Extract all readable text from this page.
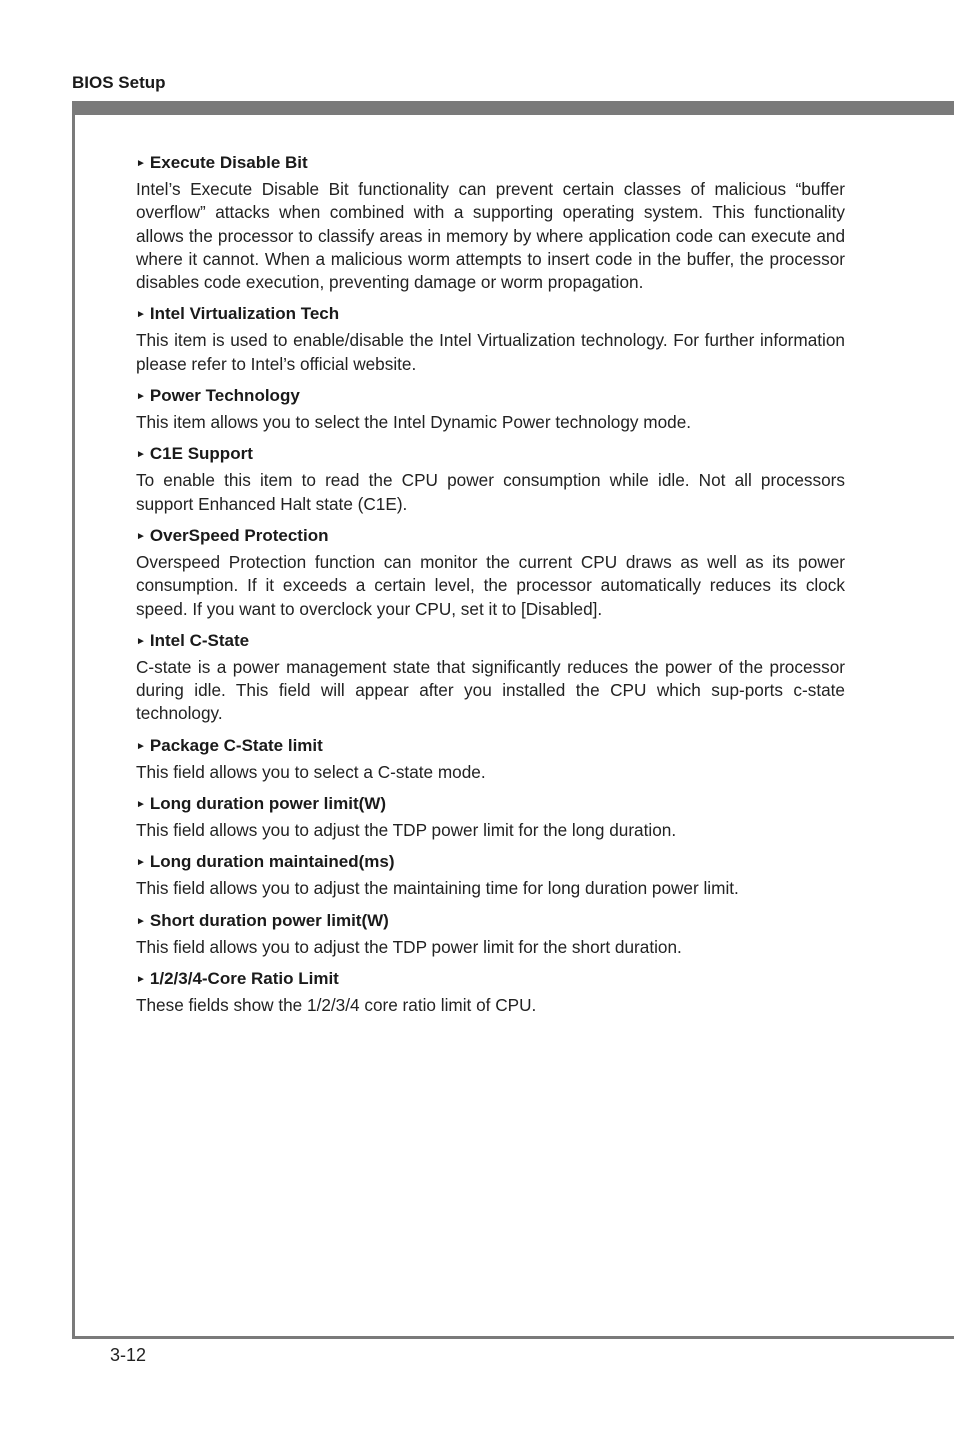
BIOS Setup
► Execute Disable Bit

Intel’s Execute Disable Bit functionality can prevent certain classes of malicious “buffer overflow” attacks when combined with a supporting operating system. This functionality allows the processor to classify areas in memory by where application code can execute and where it cannot. When a malicious worm attempts to insert code in the buffer, the processor disables code execution, preventing damage or worm propagation.

► Intel Virtualization Tech

This item is used to enable/disable the Intel Virtualization technology. For further information please refer to Intel’s official website.

► Power Technology

This item allows you to select the Intel Dynamic Power technology mode.

► C1E Support

To enable this item to read the CPU power consumption while idle. Not all processors support Enhanced Halt state (C1E).

► OverSpeed Protection

Overspeed Protection function can monitor the current CPU draws as well as its power consumption. If it exceeds a certain level, the processor automatically reduces its clock speed. If you want to overclock your CPU, set it to [Disabled].

► Intel C-State

C-state is a power management state that significantly reduces the power of the processor during idle. This field will appear after you installed the CPU which sup-ports c-state technology.

► Package C-State limit

This field allows you to select a C-state mode.

► Long duration power limit(W)

This field allows you to adjust the TDP power limit for the long duration.

► Long duration maintained(ms)

This field allows you to adjust the maintaining time for long duration power limit.

► Short duration power limit(W)

This field allows you to adjust the TDP power limit for the short duration.

► 1/2/3/4-Core Ratio Limit

These fields show the 1/2/3/4 core ratio limit of CPU.

3-12
